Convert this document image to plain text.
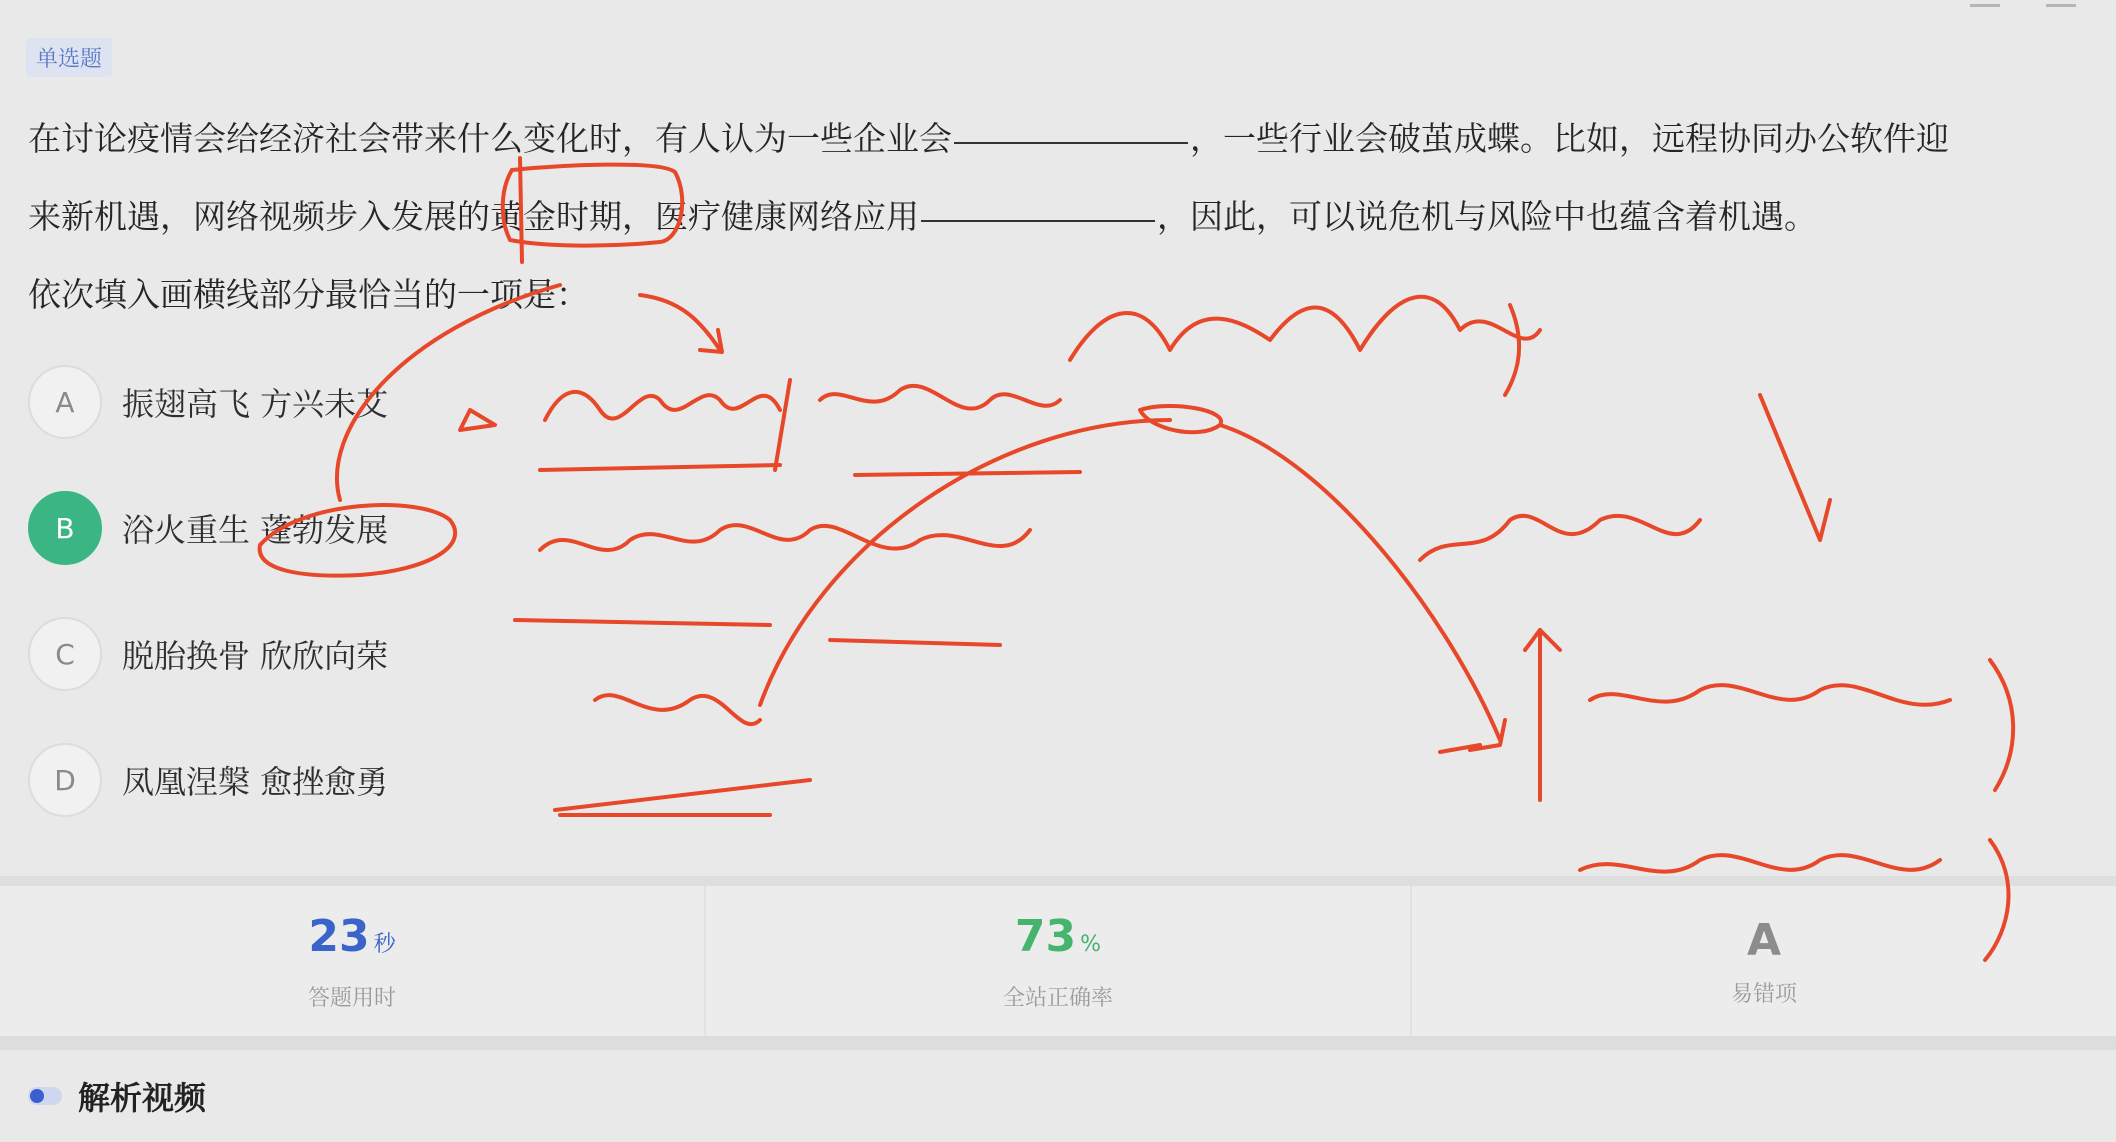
单选题
在讨论疫情会给经济社会带来什么变化时，有人认为一些企业会	，一些行业会破茧成蝶。比如，远程协同办公软件迎
来新机遇，网络视频步入发展的黄金时期，医疗健康网络应用	，因此，可以说危机与风险中也蕴含着机遇。
依次填入画横线部分最恰当的一项是：
A	振翅高飞 方兴未艾
B	浴火重生 蓬勃发展
C	脱胎换骨 欣欣向荣
D	凤凰涅槃 愈挫愈勇
23 秒
答题用时
73 %
全站正确率
A
易错项
解析视频
